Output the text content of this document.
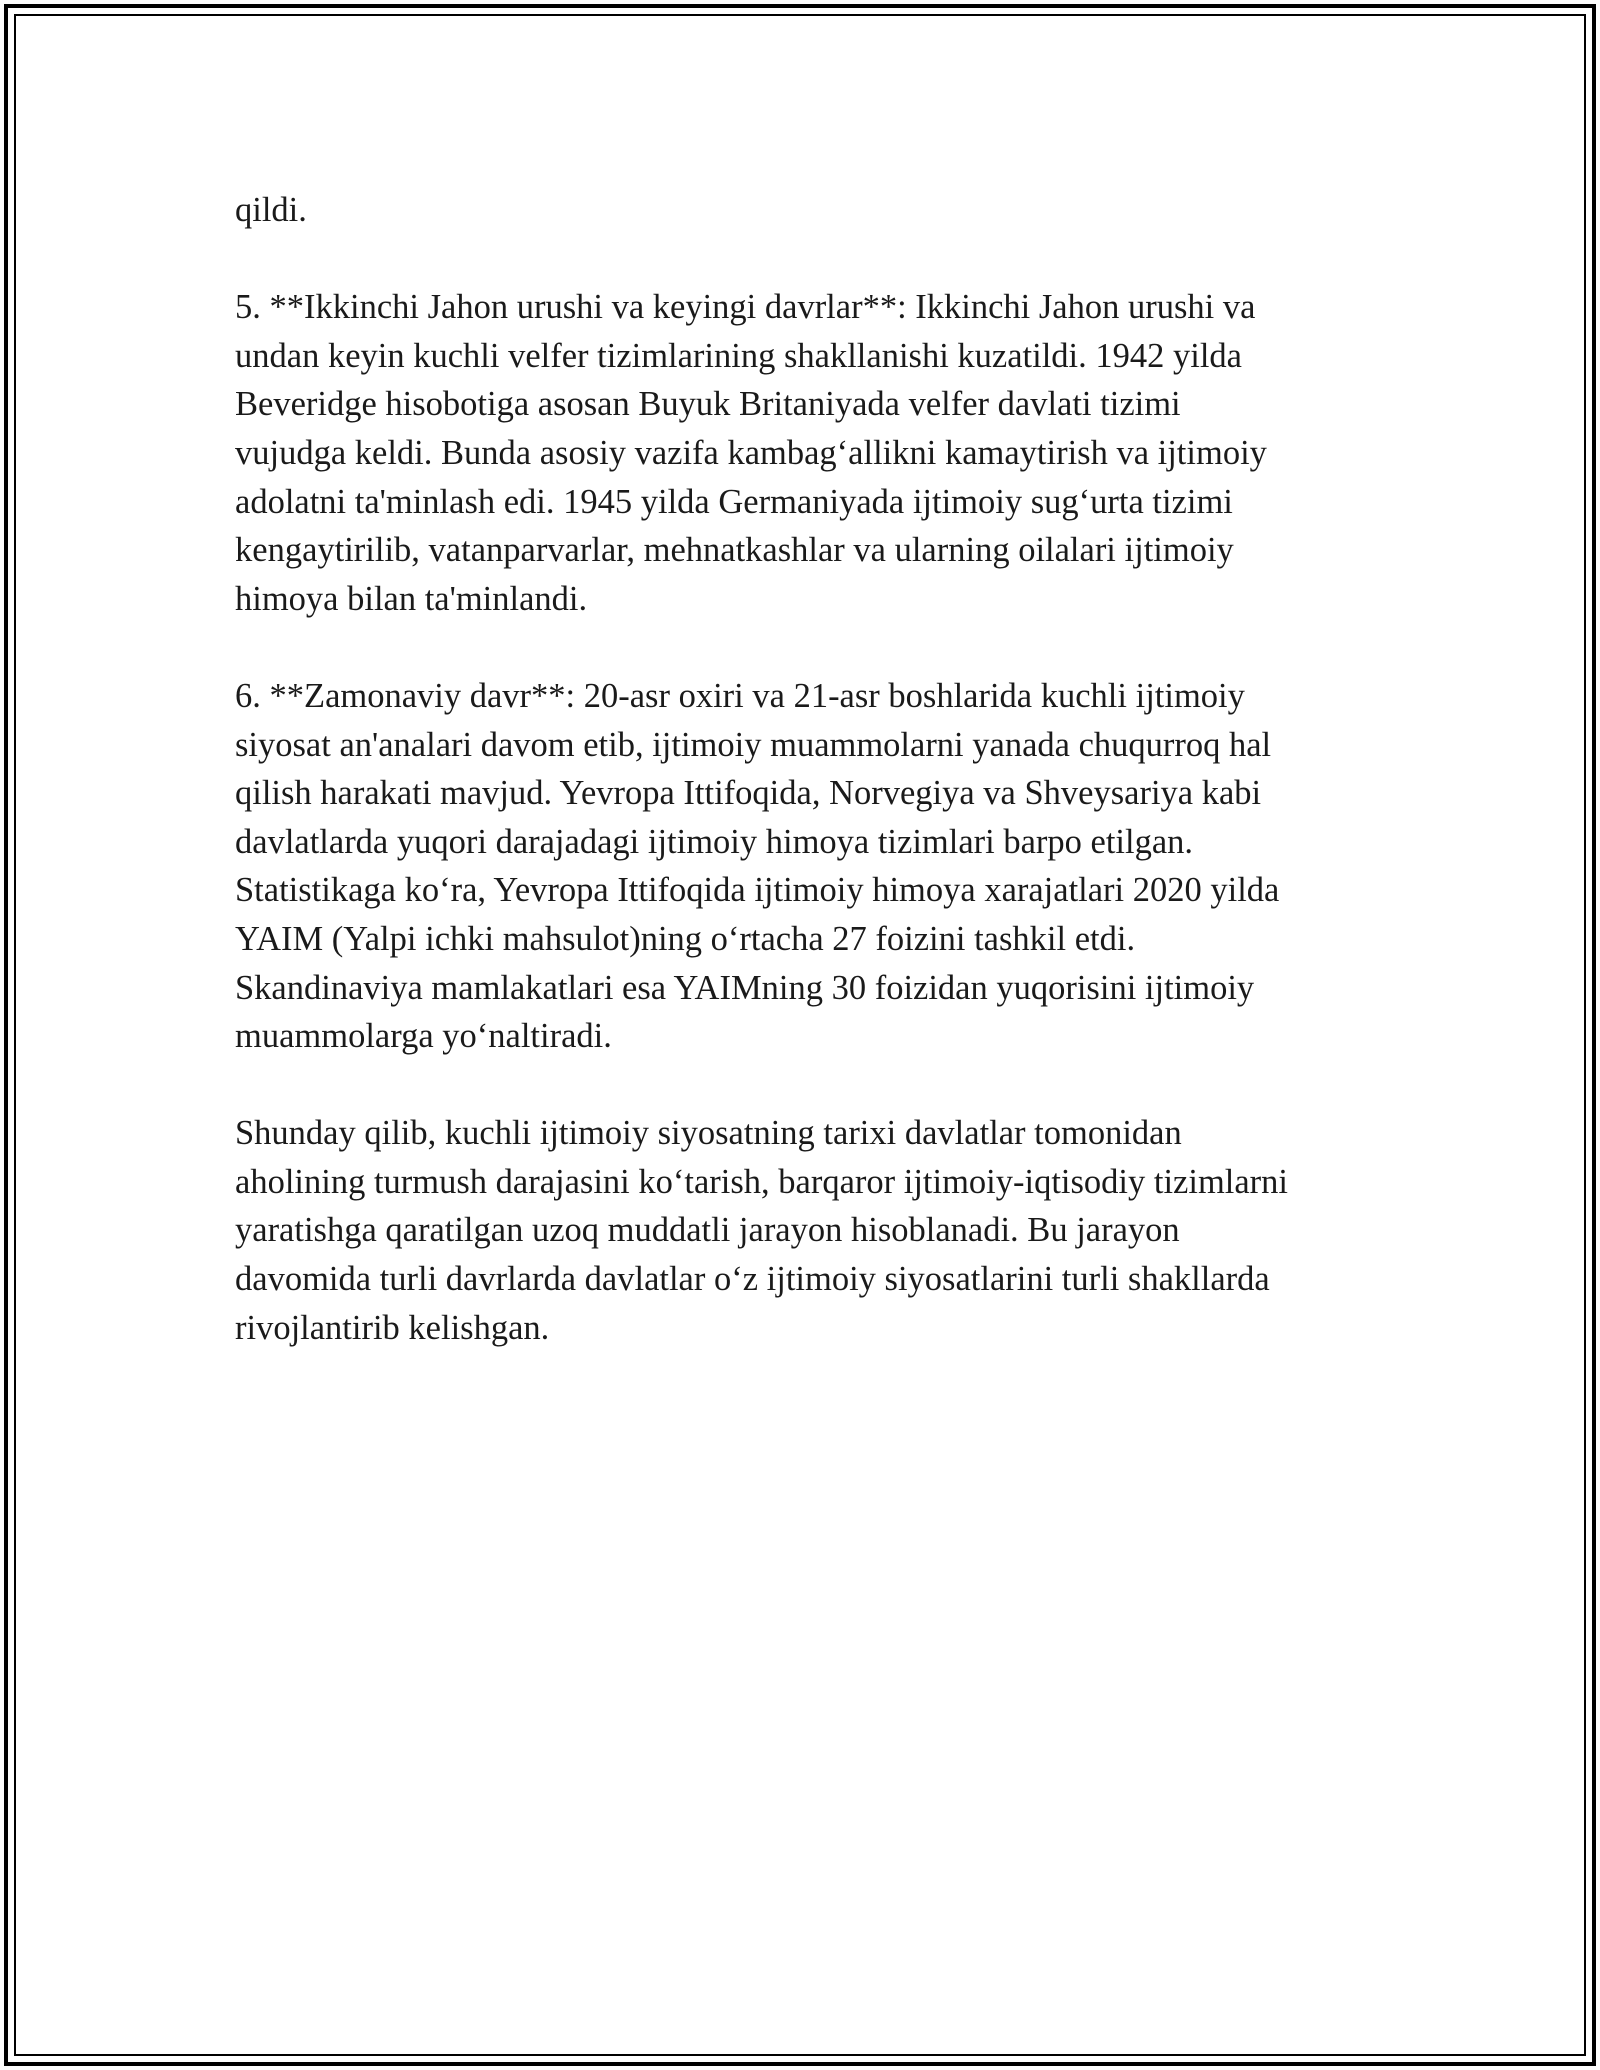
qildi.

5. **Ikkinchi Jahon urushi va keyingi davrlar**: Ikkinchi Jahon urushi va
undan keyin kuchli velfer tizimlarining shakllanishi kuzatildi. 1942 yilda
Beveridge hisobotiga asosan Buyuk Britaniyada velfer davlati tizimi
vujudga keldi. Bunda asosiy vazifa kambag‘allikni kamaytirish va ijtimoiy
adolatni ta'minlash edi. 1945 yilda Germaniyada ijtimoiy sug‘urta tizimi
kengaytirilib, vatanparvarlar, mehnatkashlar va ularning oilalari ijtimoiy
himoya bilan ta'minlandi.

6. **Zamonaviy davr**: 20-asr oxiri va 21-asr boshlarida kuchli ijtimoiy
siyosat an'analari davom etib, ijtimoiy muammolarni yanada chuqurroq hal
qilish harakati mavjud. Yevropa Ittifoqida, Norvegiya va Shveysariya kabi
davlatlarda yuqori darajadagi ijtimoiy himoya tizimlari barpo etilgan.
Statistikaga ko‘ra, Yevropa Ittifoqida ijtimoiy himoya xarajatlari 2020 yilda
YAIM (Yalpi ichki mahsulot)ning o‘rtacha 27 foizini tashkil etdi.
Skandinaviya mamlakatlari esa YAIMning 30 foizidan yuqorisini ijtimoiy
muammolarga yo‘naltiradi.

Shunday qilib, kuchli ijtimoiy siyosatning tarixi davlatlar tomonidan
aholining turmush darajasini ko‘tarish, barqaror ijtimoiy-iqtisodiy tizimlarni
yaratishga qaratilgan uzoq muddatli jarayon hisoblanadi. Bu jarayon
davomida turli davrlarda davlatlar o‘z ijtimoiy siyosatlarini turli shakllarda
rivojlantirib kelishgan.
